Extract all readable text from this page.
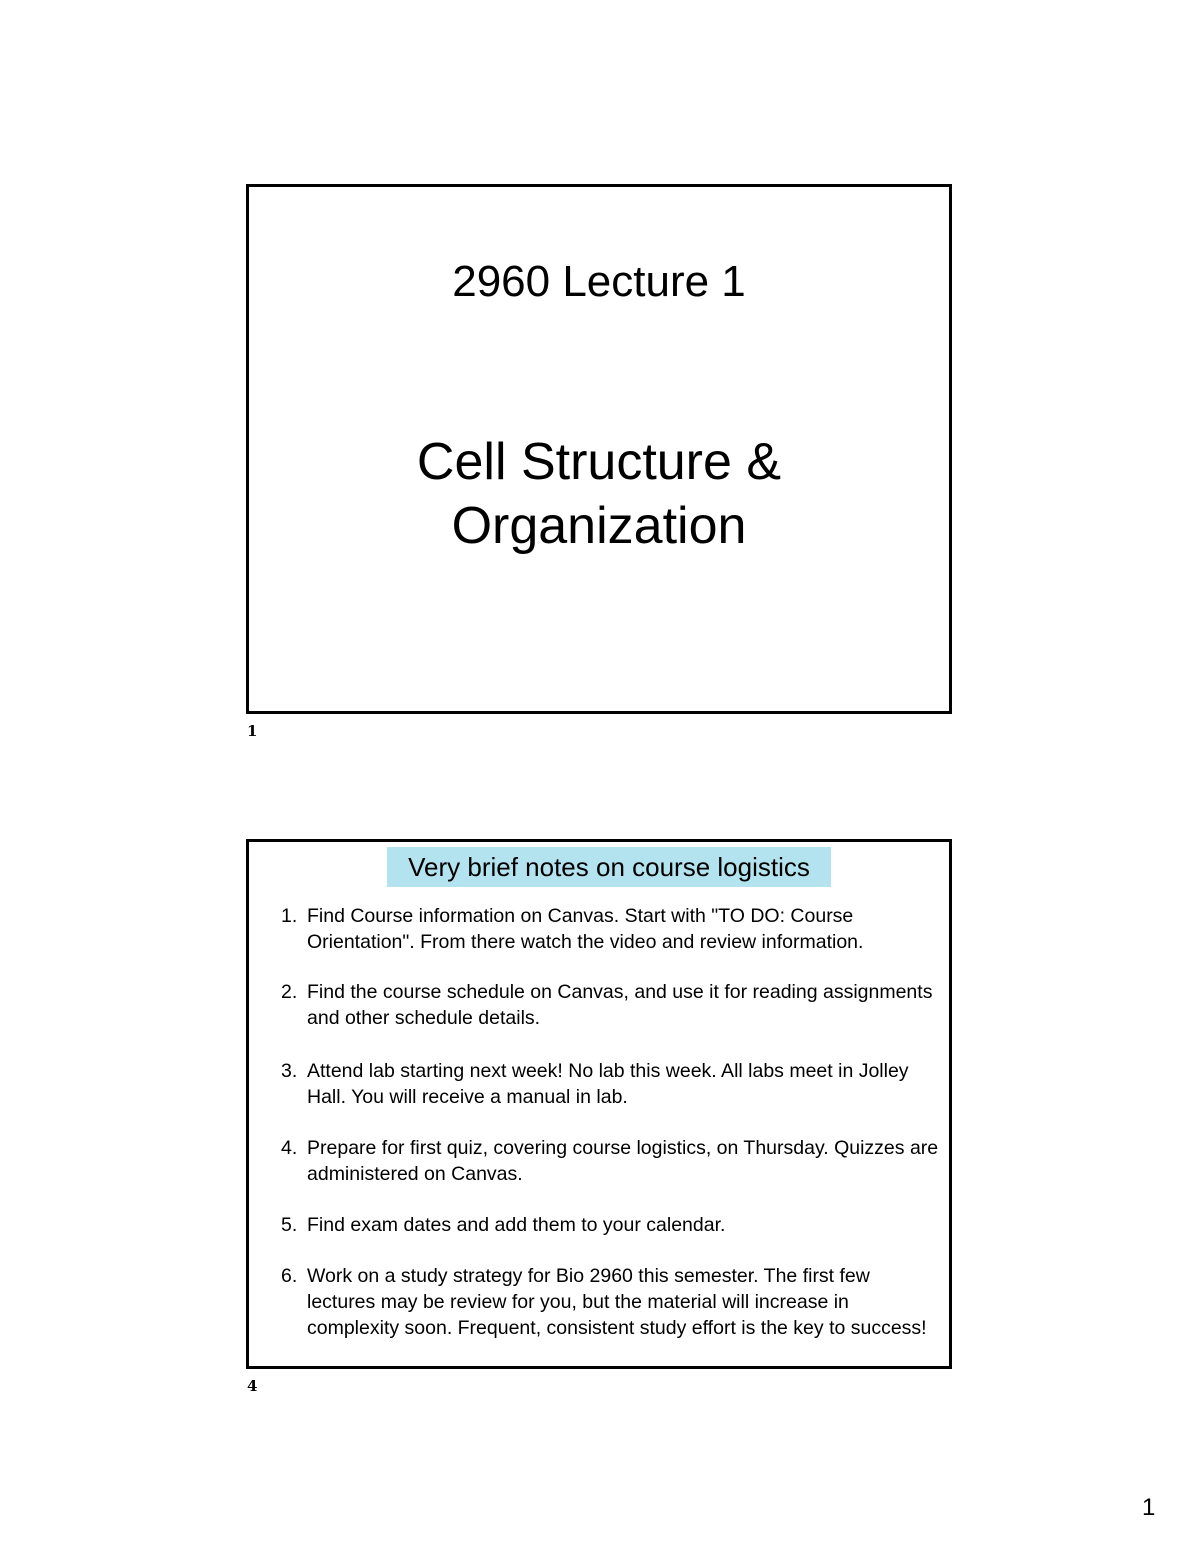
2960 Lecture 1
Cell Structure &
Organization
1
Very brief notes on course logistics
1. Find Course information on Canvas. Start with "TO DO: Course Orientation". From there watch the video and review information.
2. Find the course schedule on Canvas, and use it for reading assignments and other schedule details.
3. Attend lab starting next week! No lab this week. All labs meet in Jolley Hall. You will receive a manual in lab.
4. Prepare for first quiz, covering course logistics, on Thursday. Quizzes are administered on Canvas.
5. Find exam dates and add them to your calendar.
6. Work on a study strategy for Bio 2960 this semester. The first few lectures may be review for you, but the material will increase in complexity soon. Frequent, consistent study effort is the key to success!
4
1
